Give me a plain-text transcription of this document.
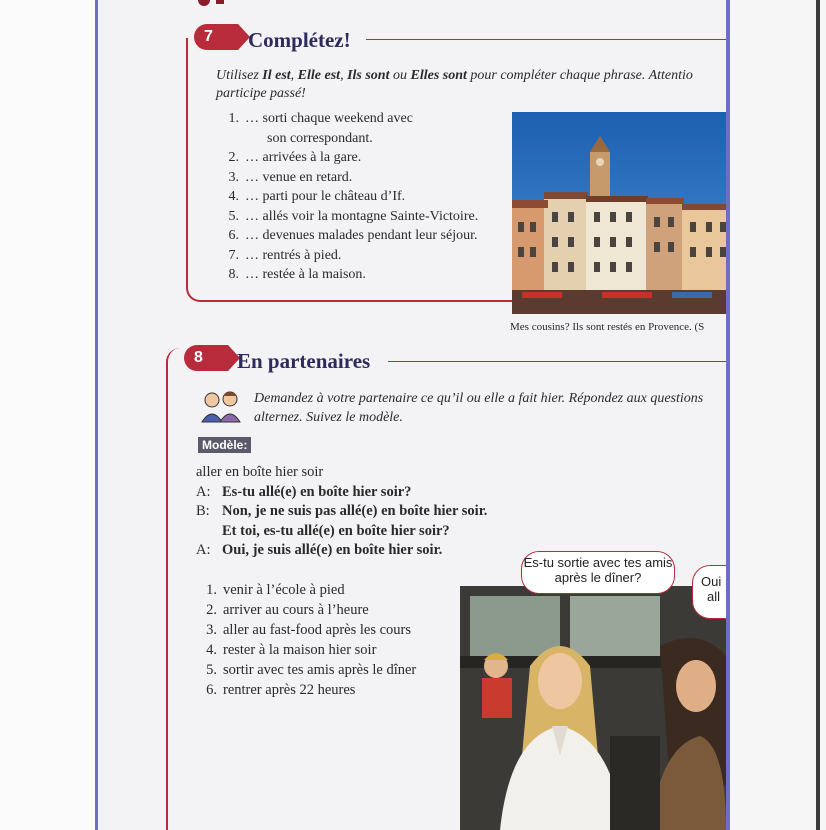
7	Complétez!
Utilisez Il est, Elle est, Ils sont ou Elles sont pour compléter chaque phrase. Attentio
participe passé!
1. … sorti chaque weekend avec
son correspondant.
2. … arrivées à la gare.
3. … venue en retard.
4. … parti pour le château d’If.
5. … allés voir la montagne Sainte-Victoire.
6. … devenues malades pendant leur séjour.
7. … rentrés à pied.
8. … restée à la maison.
Mes cousins? Ils sont restés en Provence. (S
8	En partenaires
Demandez à votre partenaire ce qu’il ou elle a fait hier. Répondez aux questions
alternez. Suivez le modèle.
Modèle:
aller en boîte hier soir
A: Es-tu allé(e) en boîte hier soir?
B: Non, je ne suis pas allé(e) en boîte hier soir.
Et toi, es-tu allé(e) en boîte hier soir?
A: Oui, je suis allé(e) en boîte hier soir.
1. venir à l’école à pied
2. arriver au cours à l’heure
3. aller au fast-food après les cours
4. rester à la maison hier soir
5. sortir avec tes amis après le dîner
6. rentrer après 22 heures
Es-tu sortie avec tes amis après le dîner?	Oui
all
